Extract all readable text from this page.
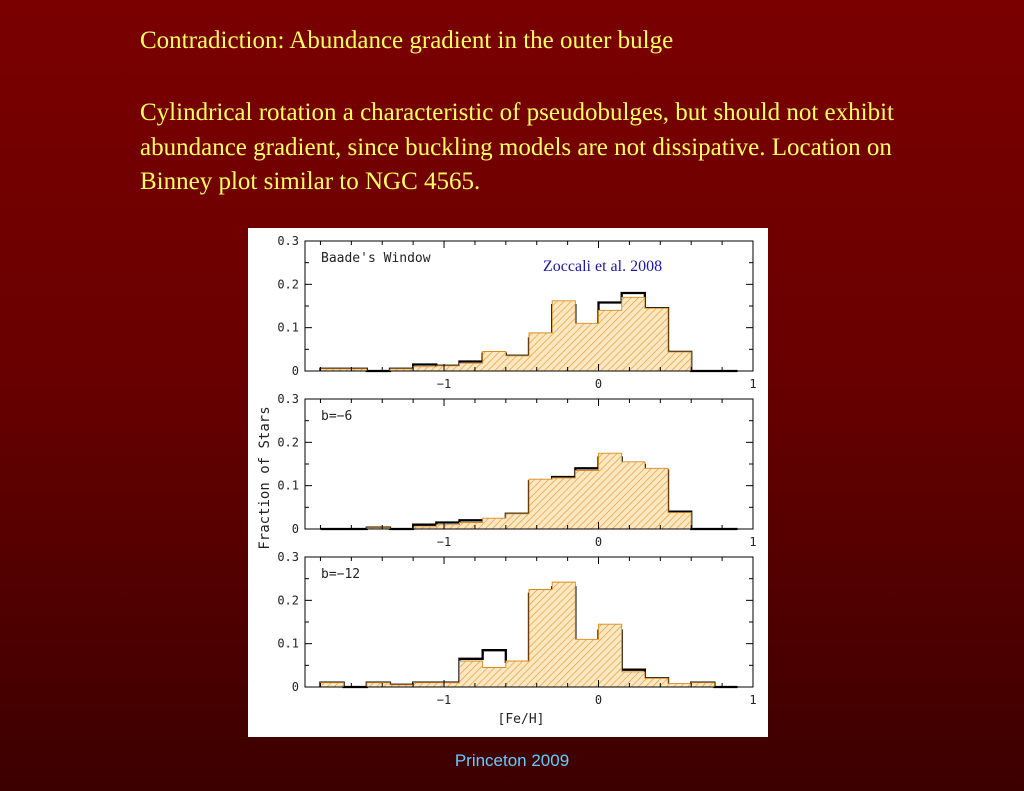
Contradiction: Abundance gradient in the outer bulge

Cylindrical rotation a characteristic of pseudobulges, but should not exhibit abundance gradient, since buckling models are not dissipative. Location on Binney plot similar to NGC 4565.

Zoccali et al. 2008
Fraction of Stars
[Fe/H]
−1	0	1
0
0.1
0.2
0.3
Baade's Window
−1	0	1
0
0.1
0.2
0.3
b=−6
−1	0	1
0
0.1
0.2
0.3
b=−12
Princeton 2009
